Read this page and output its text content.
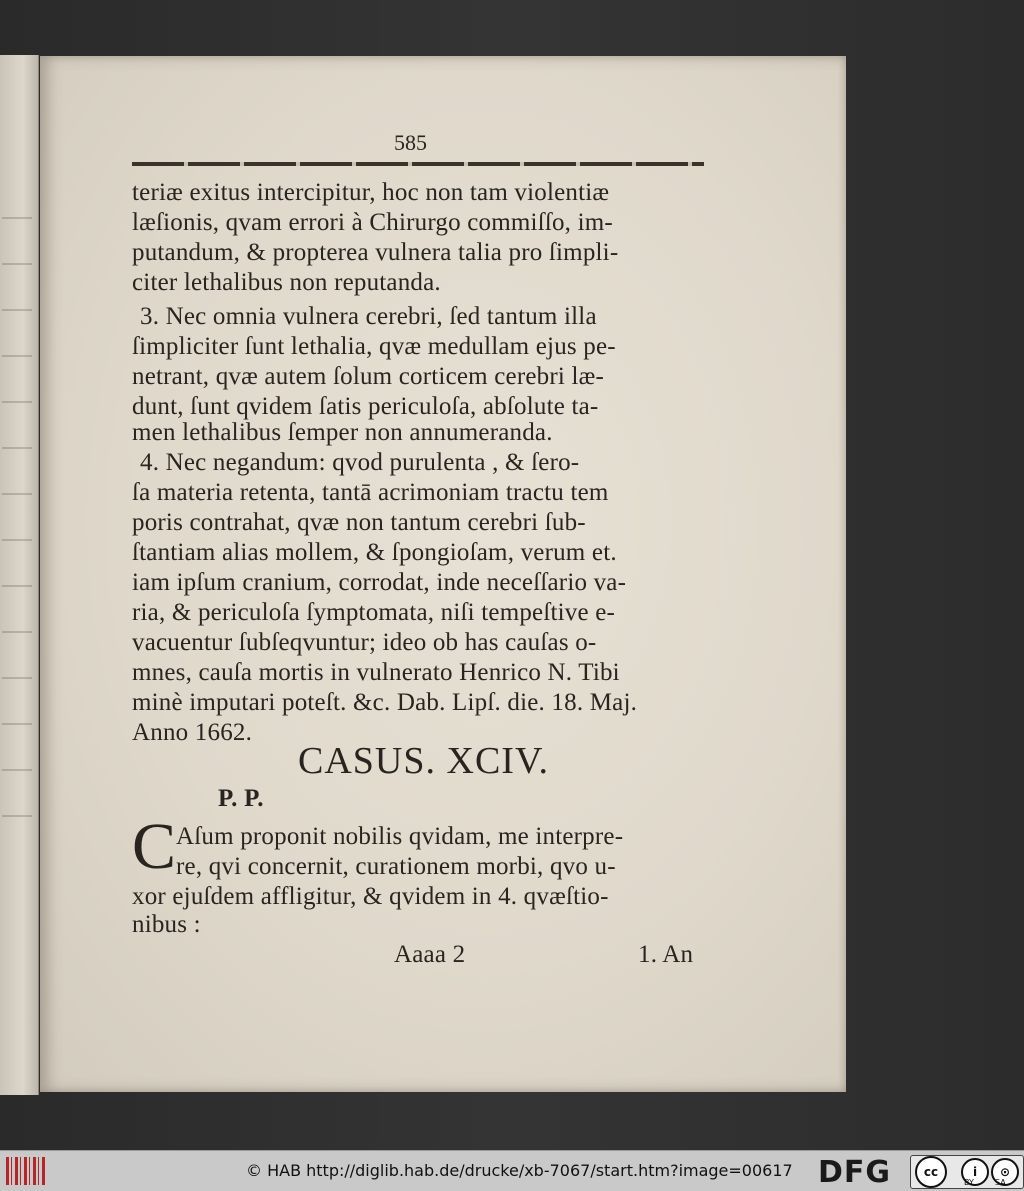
585
teriæ exitus intercipitur, hoc non tam violentiæ
læſionis, qvam errori à Chirurgo commiſſo, im-
putandum, & propterea vulnera talia pro ſimpli-
citer lethalibus non reputanda.
3. Nec omnia vulnera cerebri, ſed tantum illa
ſimpliciter ſunt lethalia, qvæ medullam ejus pe-
netrant, qvæ autem ſolum corticem cerebri læ-
dunt, ſunt qvidem ſatis periculoſa, abſolute ta-
men lethalibus ſemper non annumeranda.
4. Nec negandum: qvod purulenta , & ſero-
ſa materia retenta, tantā acrimoniam tractu tem
poris contrahat, qvæ non tantum cerebri ſub-
ſtantiam alias mollem, & ſpongioſam, verum et.
iam ipſum cranium, corrodat, inde neceſſario va-
ria, & periculoſa ſymptomata, niſi tempeſtive e-
vacuentur ſubſeqvuntur; ideo ob has cauſas o-
mnes, cauſa mortis in vulnerato Henrico N. Tibi
minè imputari poteſt. &c. Dab. Lipſ. die. 18. Maj.
Anno 1662.
CASUS. XCIV.
P. P.
C Aſum proponit nobilis qvidam, me interpre-
re, qvi concernit, curationem morbi, qvo u-
xor ejuſdem affligitur, & qvidem in 4. qvæſtio-
nibus :
Aaaa 2	1. An
© HAB http://diglib.hab.de/drucke/xb-7067/start.htm?image=00617 DFG	cc	i	⊙
BY	SA
